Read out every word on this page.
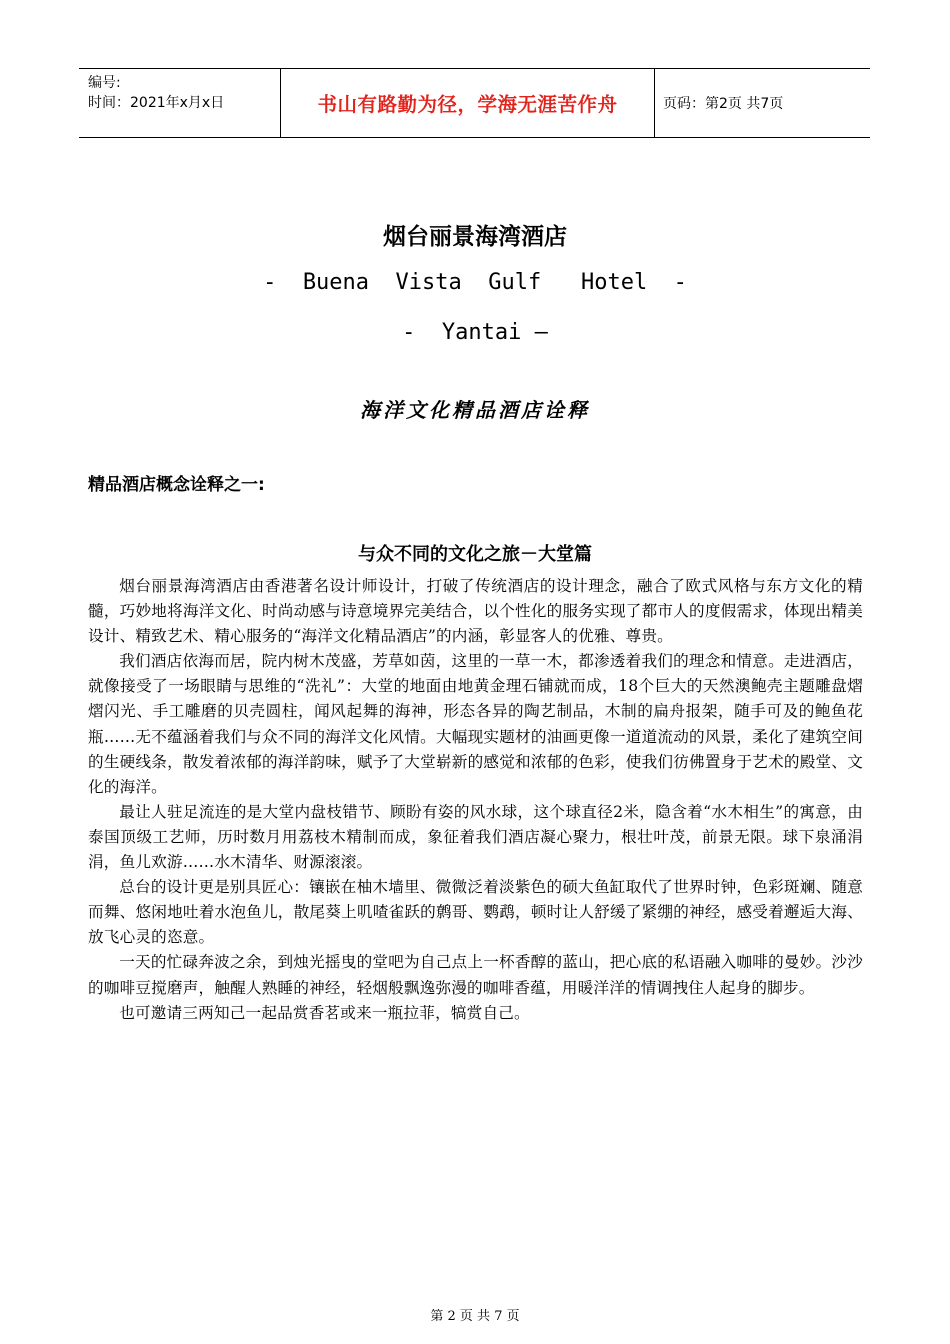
编号:
时间：2021年x月x日	书山有路勤为径，学海无涯苦作舟	页码：第2页 共7页
烟台丽景海湾酒店
-  Buena  Vista  Gulf   Hotel  -
-  Yantai –
海洋文化精品酒店诠释
精品酒店概念诠释之一:
与众不同的文化之旅－大堂篇

烟台丽景海湾酒店由香港著名设计师设计，打破了传统酒店的设计理念，融合了欧式风格与东方文化的精髓，巧妙地将海洋文化、时尚动感与诗意境界完美结合，以个性化的服务实现了都市人的度假需求，体现出精美设计、精致艺术、精心服务的“海洋文化精品酒店”的内涵，彰显客人的优雅、尊贵。

我们酒店依海而居，院内树木茂盛，芳草如茵，这里的一草一木，都渗透着我们的理念和情意。走进酒店，就像接受了一场眼睛与思维的“洗礼”：大堂的地面由地黄金理石铺就而成，18个巨大的天然澳鲍壳主题雕盘熠熠闪光、手工雕磨的贝壳圆柱，闻风起舞的海神，形态各异的陶艺制品，木制的扁舟报架，随手可及的鲍鱼花瓶……无不蕴涵着我们与众不同的海洋文化风情。大幅现实题材的油画更像一道道流动的风景，柔化了建筑空间的生硬线条，散发着浓郁的海洋韵味，赋予了大堂崭新的感觉和浓郁的色彩，使我们彷佛置身于艺术的殿堂、文化的海洋。

最让人驻足流连的是大堂内盘枝错节、顾盼有姿的风水球，这个球直径2米，隐含着“水木相生”的寓意，由泰国顶级工艺师，历时数月用荔枝木精制而成，象征着我们酒店凝心聚力，根壮叶茂，前景无限。球下泉涌涓涓，鱼儿欢游……水木清华、财源滚滚。

总台的设计更是别具匠心：镶嵌在柚木墙里、微微泛着淡紫色的硕大鱼缸取代了世界时钟，色彩斑斓、随意而舞、悠闲地吐着水泡鱼儿，散尾葵上叽喳雀跃的鹩哥、鹦鹉，顿时让人舒缓了紧绷的神经，感受着邂逅大海、放飞心灵的恣意。

一天的忙碌奔波之余，到烛光摇曳的堂吧为自己点上一杯香醇的蓝山，把心底的私语融入咖啡的曼妙。沙沙的咖啡豆搅磨声，触醒人熟睡的神经，轻烟般飘逸弥漫的咖啡香蕴，用暖洋洋的情调拽住人起身的脚步。

也可邀请三两知己一起品赏香茗或来一瓶拉菲，犒赏自己。

第 2 页 共 7 页
